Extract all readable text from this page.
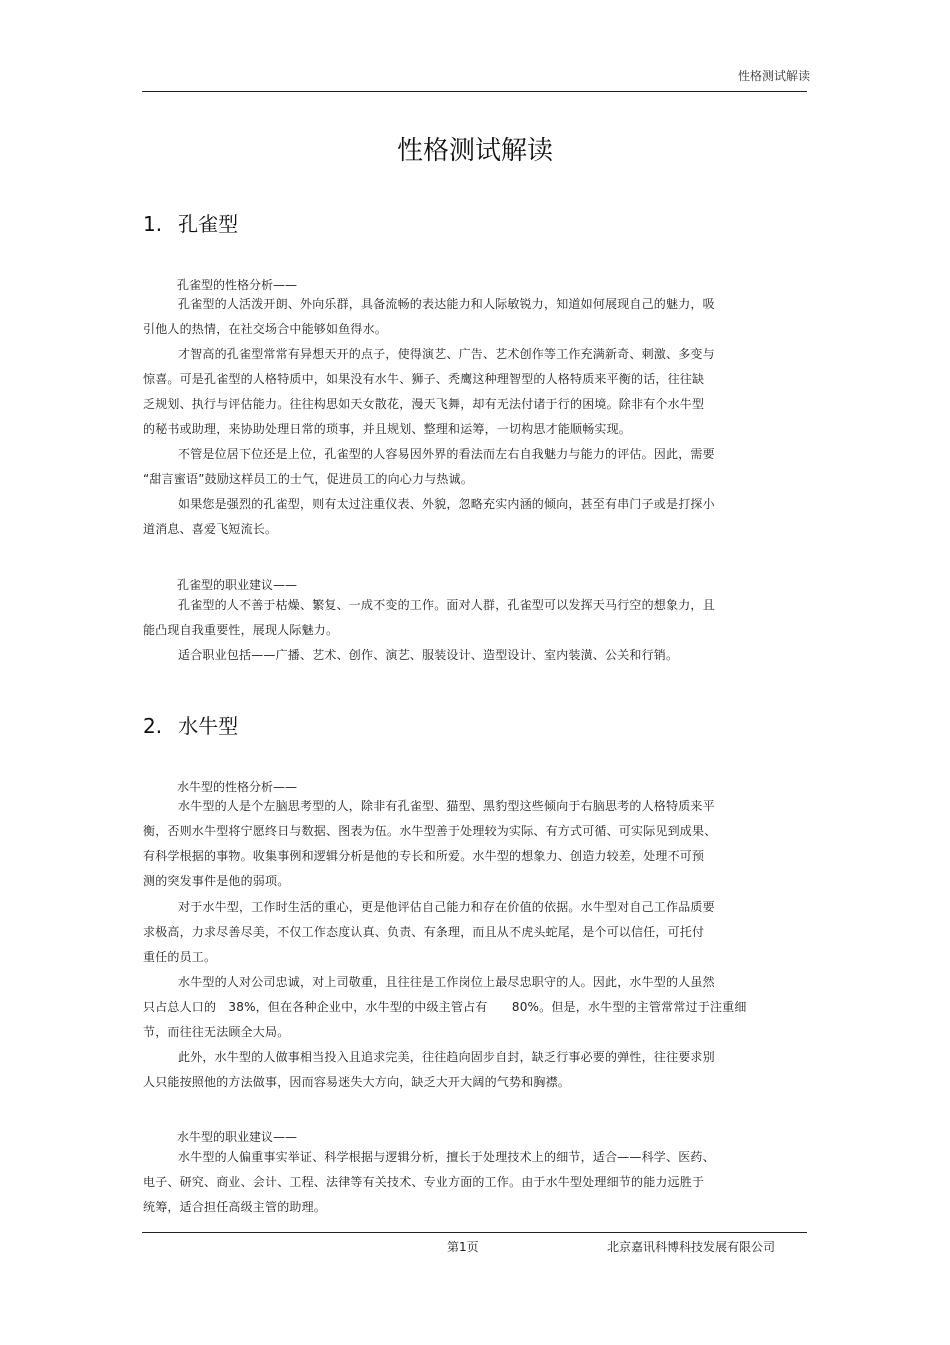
性格测试解读
性格测试解读
1. 孔雀型
孔雀型的性格分析——

孔雀型的人活泼开朗、外向乐群，具备流畅的表达能力和人际敏锐力，知道如何展现自己的魅力，吸
引他人的热情，在社交场合中能够如鱼得水。

才智高的孔雀型常常有异想天开的点子，使得演艺、广告、艺术创作等工作充满新奇、刺激、多变与
惊喜。可是孔雀型的人格特质中，如果没有水牛、狮子、秃鹰这种理智型的人格特质来平衡的话，往往缺
乏规划、执行与评估能力。往往构思如天女散花，漫天飞舞，却有无法付诸于行的困境。除非有个水牛型
的秘书或助理，来协助处理日常的琐事，并且规划、整理和运筹，一切构思才能顺畅实现。

不管是位居下位还是上位，孔雀型的人容易因外界的看法而左右自我魅力与能力的评估。因此，需要
“甜言蜜语”鼓励这样员工的士气，促进员工的向心力与热诚。

如果您是强烈的孔雀型，则有太过注重仪表、外貌，忽略充实内涵的倾向，甚至有串门子或是打探小
道消息、喜爱飞短流长。

孔雀型的职业建议——

孔雀型的人不善于枯燥、繁复、一成不变的工作。面对人群，孔雀型可以发挥天马行空的想象力，且
能凸现自我重要性，展现人际魅力。

适合职业包括——广播、艺术、创作、演艺、服装设计、造型设计、室内装潢、公关和行销。

2. 水牛型
水牛型的性格分析——

水牛型的人是个左脑思考型的人，除非有孔雀型、猫型、黑豹型这些倾向于右脑思考的人格特质来平
衡，否则水牛型将宁愿终日与数据、图表为伍。水牛型善于处理较为实际、有方式可循、可实际见到成果、
有科学根据的事物。收集事例和逻辑分析是他的专长和所爱。水牛型的想象力、创造力较差，处理不可预
测的突发事件是他的弱项。

对于水牛型，工作时生活的重心，更是他评估自己能力和存在价值的依据。水牛型对自己工作品质要
求极高，力求尽善尽美，不仅工作态度认真、负责、有条理，而且从不虎头蛇尾，是个可以信任，可托付
重任的员工。

水牛型的人对公司忠诚，对上司敬重，且往往是工作岗位上最尽忠职守的人。因此，水牛型的人虽然
只占总人口的　38%，但在各种企业中，水牛型的中级主管占有　　80%。但是，水牛型的主管常常过于注重细
节，而往往无法顾全大局。

此外，水牛型的人做事相当投入且追求完美，往往趋向固步自封，缺乏行事必要的弹性，往往要求别
人只能按照他的方法做事，因而容易迷失大方向，缺乏大开大阔的气势和胸襟。

水牛型的职业建议——

水牛型的人偏重事实举证、科学根据与逻辑分析，擅长于处理技术上的细节，适合——科学、医药、
电子、研究、商业、会计、工程、法律等有关技术、专业方面的工作。由于水牛型处理细节的能力远胜于
统筹，适合担任高级主管的助理。

第1页	北京嘉讯科博科技发展有限公司
